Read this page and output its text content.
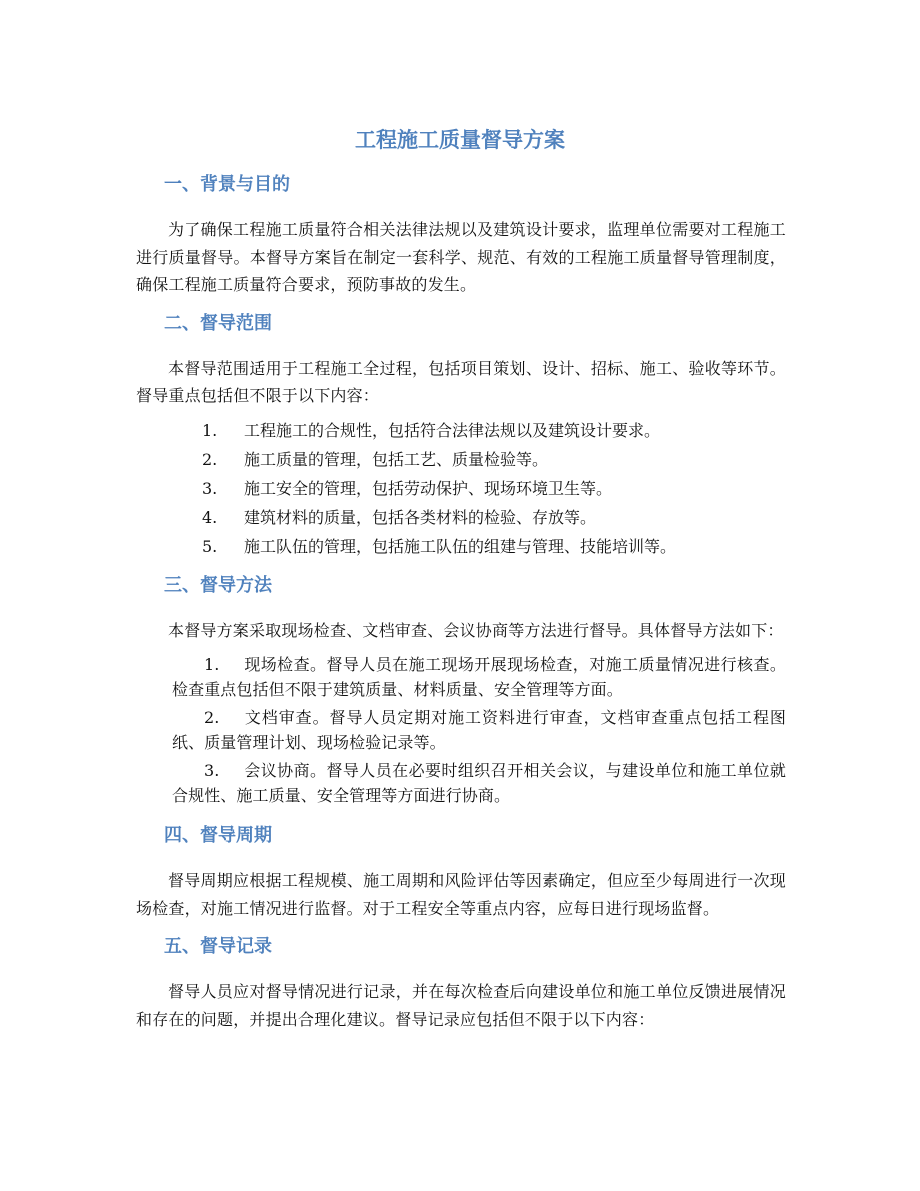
工程施工质量督导方案
一、背景与目的

为了确保工程施工质量符合相关法律法规以及建筑设计要求，监理单位需要对工程施工进行质量督导。本督导方案旨在制定一套科学、规范、有效的工程施工质量督导管理制度，确保工程施工质量符合要求，预防事故的发生。

二、督导范围

本督导范围适用于工程施工全过程，包括项目策划、设计、招标、施工、验收等环节。督导重点包括但不限于以下内容：

1. 工程施工的合规性，包括符合法律法规以及建筑设计要求。
2. 施工质量的管理，包括工艺、质量检验等。
3. 施工安全的管理，包括劳动保护、现场环境卫生等。
4. 建筑材料的质量，包括各类材料的检验、存放等。
5. 施工队伍的管理，包括施工队伍的组建与管理、技能培训等。
三、督导方法

本督导方案采取现场检查、文档审查、会议协商等方法进行督导。具体督导方法如下：

1. 现场检查。督导人员在施工现场开展现场检查，对施工质量情况进行核查。检查重点包括但不限于建筑质量、材料质量、安全管理等方面。
2. 文档审查。督导人员定期对施工资料进行审查，文档审查重点包括工程图纸、质量管理计划、现场检验记录等。
3. 会议协商。督导人员在必要时组织召开相关会议，与建设单位和施工单位就合规性、施工质量、安全管理等方面进行协商。
四、督导周期

督导周期应根据工程规模、施工周期和风险评估等因素确定，但应至少每周进行一次现场检查，对施工情况进行监督。对于工程安全等重点内容，应每日进行现场监督。

五、督导记录

督导人员应对督导情况进行记录，并在每次检查后向建设单位和施工单位反馈进展情况和存在的问题，并提出合理化建议。督导记录应包括但不限于以下内容：
